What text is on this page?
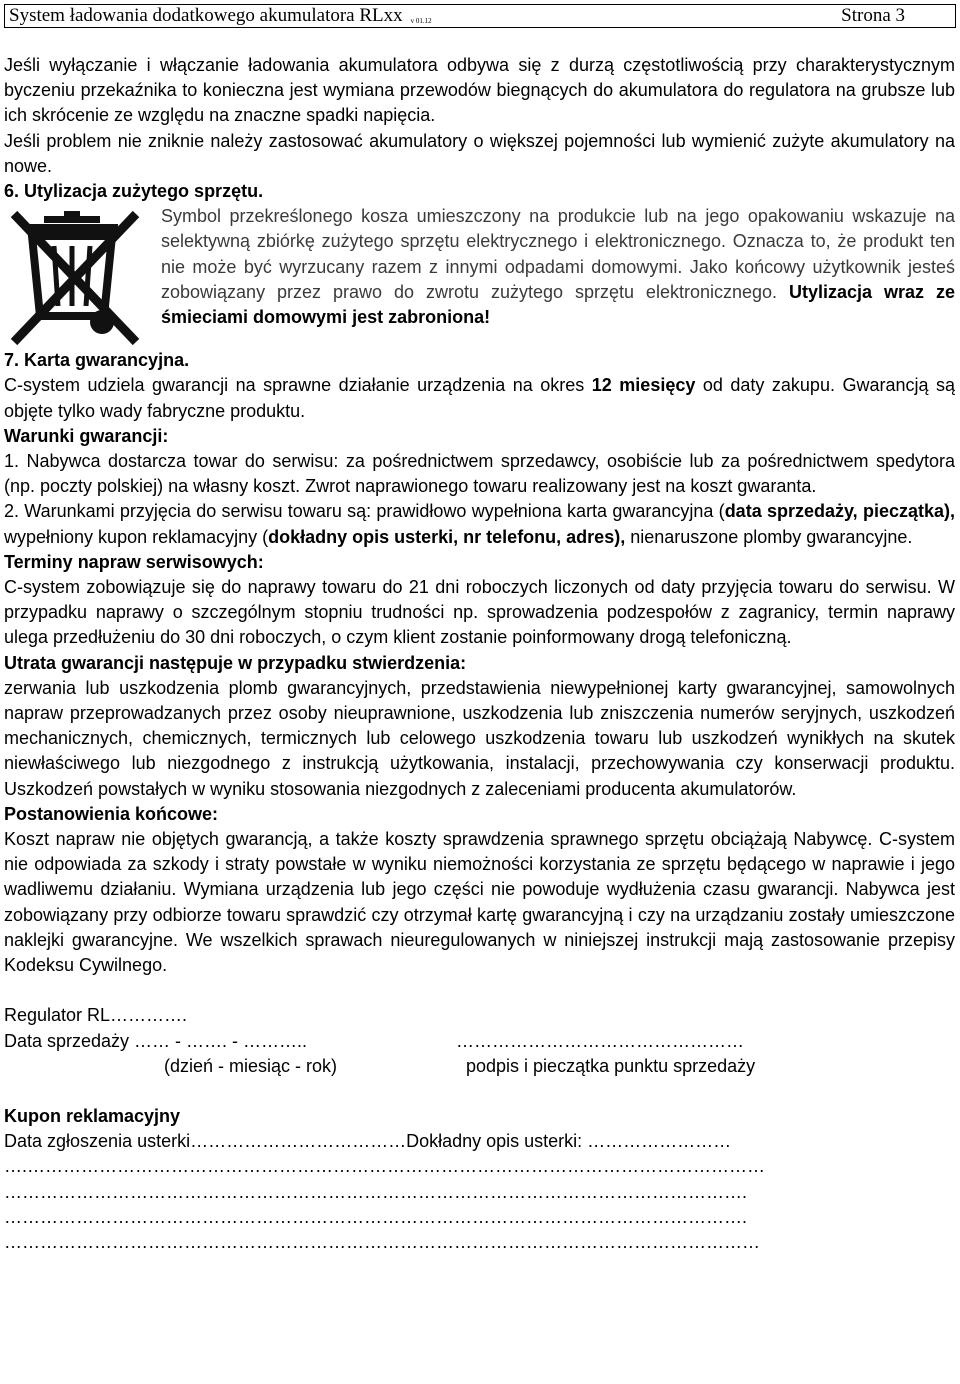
System ładowania dodatkowego akumulatora RLxx v 01.12	Strona 3

Jeśli wyłączanie i włączanie ładowania akumulatora odbywa się z durzą częstotliwością przy charakterystycznym byczeniu przekaźnika to konieczna jest wymiana przewodów biegnących do akumulatora do regulatora na grubsze lub ich skrócenie ze względu na znaczne spadki napięcia.

Jeśli problem nie zniknie należy zastosować akumulatory o większej pojemności lub wymienić zużyte akumulatory na nowe.

6. Utylizacja zużytego sprzętu.

Symbol przekreślonego kosza umieszczony na produkcie lub na jego opakowaniu wskazuje na selektywną zbiórkę zużytego sprzętu elektrycznego i elektronicznego. Oznacza to, że produkt ten nie może być wyrzucany razem z innymi odpadami domowymi. Jako końcowy użytkownik jesteś zobowiązany przez prawo do zwrotu zużytego sprzętu elektronicznego. Utylizacja wraz ze śmieciami domowymi jest zabroniona!

7. Karta gwarancyjna.

C-system udziela gwarancji na sprawne działanie urządzenia na okres 12 miesięcy od daty zakupu. Gwarancją są objęte tylko wady fabryczne produktu.

Warunki gwarancji:

1. Nabywca dostarcza towar do serwisu: za pośrednictwem sprzedawcy, osobiście lub za pośrednictwem spedytora (np. poczty polskiej) na własny koszt. Zwrot naprawionego towaru realizowany jest na koszt gwaranta.

2. Warunkami przyjęcia do serwisu towaru są: prawidłowo wypełniona karta gwarancyjna (data sprzedaży, pieczątka), wypełniony kupon reklamacyjny (dokładny opis usterki, nr telefonu, adres), nienaruszone plomby gwarancyjne.

Terminy napraw serwisowych:

C-system zobowiązuje się do naprawy towaru do 21 dni roboczych liczonych od daty przyjęcia towaru do serwisu. W przypadku naprawy o szczególnym stopniu trudności np. sprowadzenia podzespołów z zagranicy, termin naprawy ulega przedłużeniu do 30 dni roboczych, o czym klient zostanie poinformowany drogą telefoniczną.

Utrata gwarancji następuje w przypadku stwierdzenia:

zerwania lub uszkodzenia plomb gwarancyjnych, przedstawienia niewypełnionej karty gwarancyjnej, samowolnych napraw przeprowadzanych przez osoby nieuprawnione, uszkodzenia lub zniszczenia numerów seryjnych, uszkodzeń mechanicznych, chemicznych, termicznych lub celowego uszkodzenia towaru lub uszkodzeń wynikłych na skutek niewłaściwego lub niezgodnego z instrukcją użytkowania, instalacji, przechowywania czy konserwacji produktu. Uszkodzeń powstałych w wyniku stosowania niezgodnych z zaleceniami producenta akumulatorów.

Postanowienia końcowe:

Koszt napraw nie objętych gwarancją, a także koszty sprawdzenia sprawnego sprzętu obciążają Nabywcę. C-system nie odpowiada za szkody i straty powstałe w wyniku niemożności korzystania ze sprzętu będącego w naprawie i jego wadliwemu działaniu. Wymiana urządzenia lub jego części nie powoduje wydłużenia czasu gwarancji. Nabywca jest zobowiązany przy odbiorze towaru sprawdzić czy otrzymał kartę gwarancyjną i czy na urządzaniu zostały umieszczone naklejki gwarancyjne. We wszelkich sprawach nieuregulowanych w niniejszej instrukcji mają zastosowanie przepisy Kodeksu Cywilnego.

Regulator RL………….
Data sprzedaży …… - ……. - ………..	…………………………………………
(dzień - miesiąc - rok)	podpis i pieczątka punktu sprzedaży
Kupon reklamacyjny
Data zgłoszenia usterki………………………………Dokładny opis usterki: ……………………
….……………………………………………………………………………………………………………
…………………………………………………………………………………………………………….
…………………………………………………………………………………………………………….
………………………………………………………………………………………………………………
